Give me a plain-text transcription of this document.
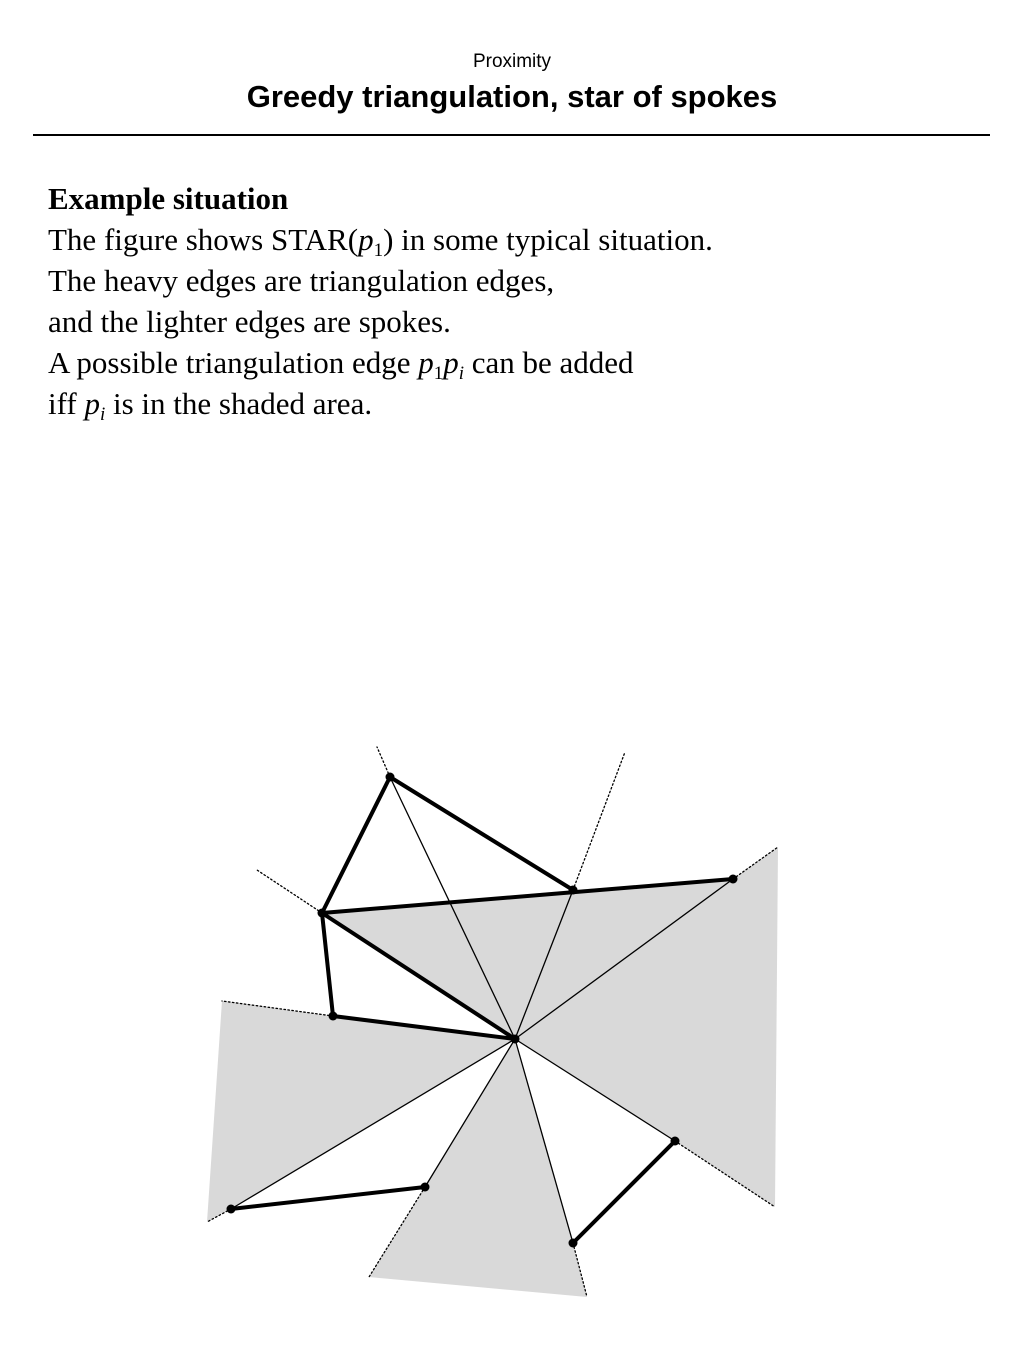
Proximity
Greedy triangulation, star of spokes
Example situation
The figure shows $STAR(p_1)$ in some typical situation.
The heavy edges are triangulation edges,
and the lighter edges are spokes.
A possible triangulation edge $p_1p_i$ can be added
iff $p_i$ is in the shaded area.
